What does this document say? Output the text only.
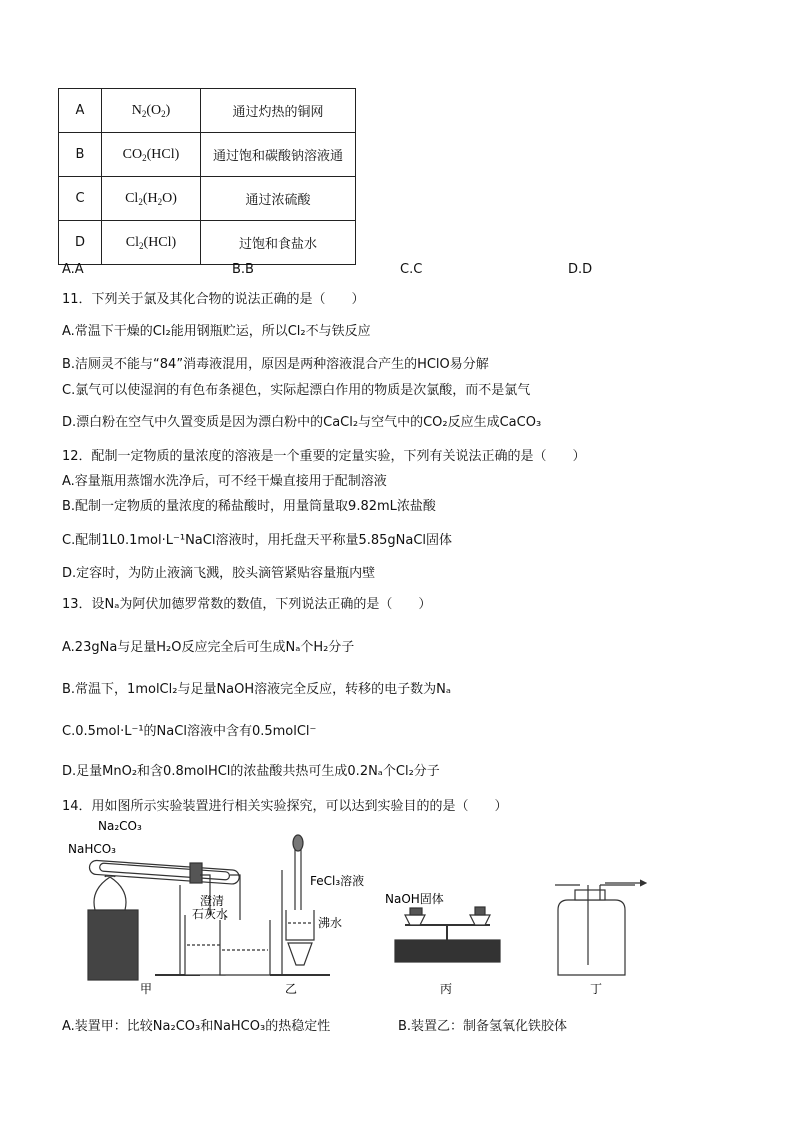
A	$N_2(O_2)$	通过灼热的铜网
B	$CO_2(HCl)$	通过饱和碳酸钠溶液通
C	$Cl_2(H_2O)$	通过浓硫酸
D	$Cl_2(HCl)$	过饱和食盐水
A.A	B.B	C.C	D.D
11．下列关于氯及其化合物的说法正确的是（　　）
A.常温下干燥的Cl₂能用钢瓶贮运，所以Cl₂不与铁反应
B.洁厕灵不能与“84”消毒液混用，原因是两种溶液混合产生的HClO易分解
C.氯气可以使湿润的有色布条褪色，实际起漂白作用的物质是次氯酸，而不是氯气
D.漂白粉在空气中久置变质是因为漂白粉中的CaCl₂与空气中的CO₂反应生成CaCO₃
12．配制一定物质的量浓度的溶液是一个重要的定量实验，下列有关说法正确的是（　　）
A.容量瓶用蒸馏水洗净后，可不经干燥直接用于配制溶液
B.配制一定物质的量浓度的稀盐酸时，用量筒量取9.82mL浓盐酸
C.配制1L0.1mol·L⁻¹NaCl溶液时，用托盘天平称量5.85gNaCl固体
D.定容时，为防止液滴飞溅，胶头滴管紧贴容量瓶内壁
13．设Nₐ为阿伏加德罗常数的数值，下列说法正确的是（　　）
A.23gNa与足量H₂O反应完全后可生成Nₐ个H₂分子
B.常温下，1molCl₂与足量NaOH溶液完全反应，转移的电子数为Nₐ
C.0.5mol·L⁻¹的NaCl溶液中含有0.5molCl⁻
D.足量MnO₂和含0.8molHCl的浓盐酸共热可生成0.2Nₐ个Cl₂分子
14．用如图所示实验装置进行相关实验探究，可以达到实验目的的是（　　）
Na₂CO₃
NaHCO₃
澄清
石灰水
FeCl₃溶液
沸水
NaOH固体
甲	乙	丙	丁
A.装置甲：比较Na₂CO₃和NaHCO₃的热稳定性	B.装置乙：制备氢氧化铁胶体
